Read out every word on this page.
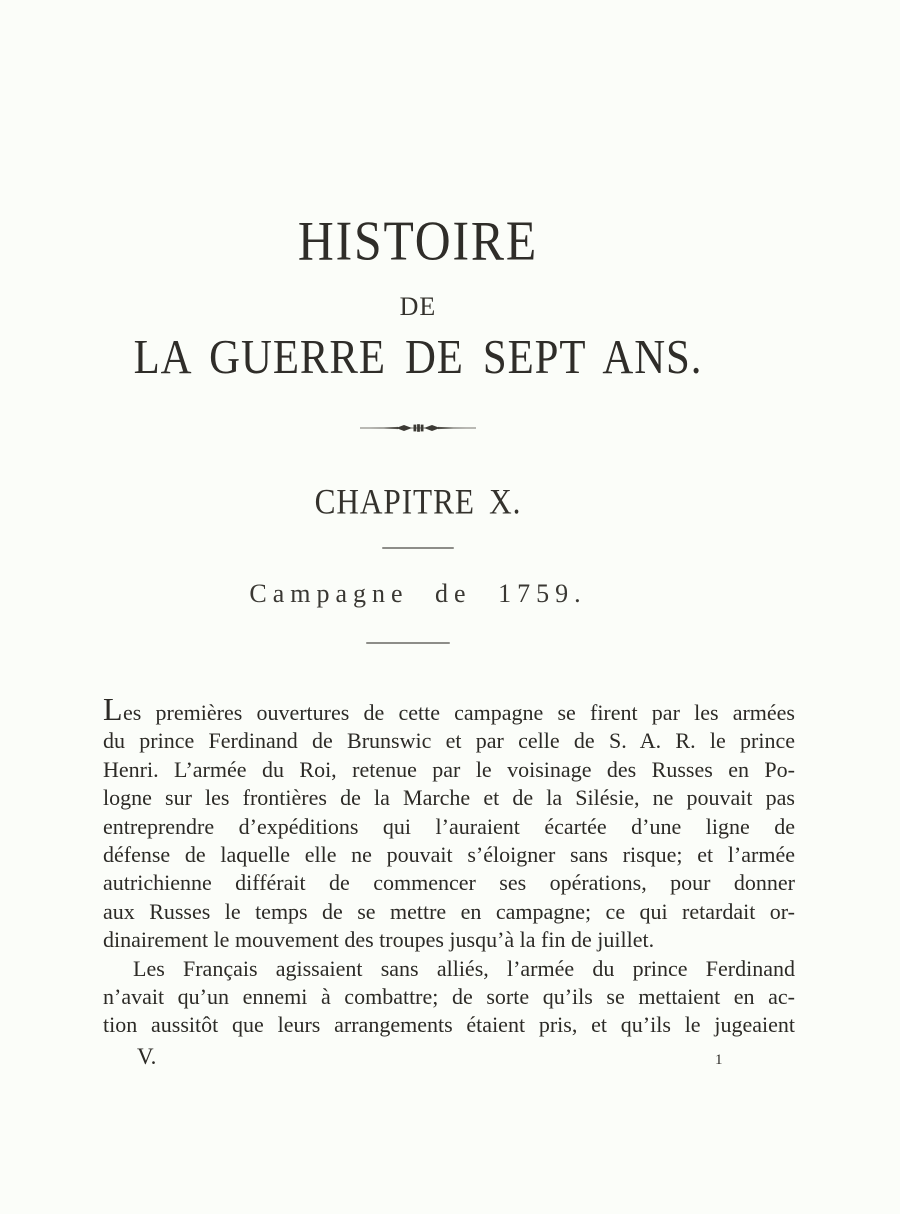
HISTOIRE
DE
LA GUERRE DE SEPT ANS.
CHAPITRE X.
Campagne de 1759.
Les premières ouvertures de cette campagne se firent par les armées
du prince Ferdinand de Brunswic et par celle de S. A. R. le prince
Henri. L’armée du Roi, retenue par le voisinage des Russes en Po-
logne sur les frontières de la Marche et de la Silésie, ne pouvait pas
entreprendre d’expéditions qui l’auraient écartée d’une ligne de
défense de laquelle elle ne pouvait s’éloigner sans risque; et l’armée
autrichienne différait de commencer ses opérations, pour donner
aux Russes le temps de se mettre en campagne; ce qui retardait or-
dinairement le mouvement des troupes jusqu’à la fin de juillet.
Les Français agissaient sans alliés, l’armée du prince Ferdinand
n’avait qu’un ennemi à combattre; de sorte qu’ils se mettaient en ac-
tion aussitôt que leurs arrangements étaient pris, et qu’ils le jugeaient
V.	1
